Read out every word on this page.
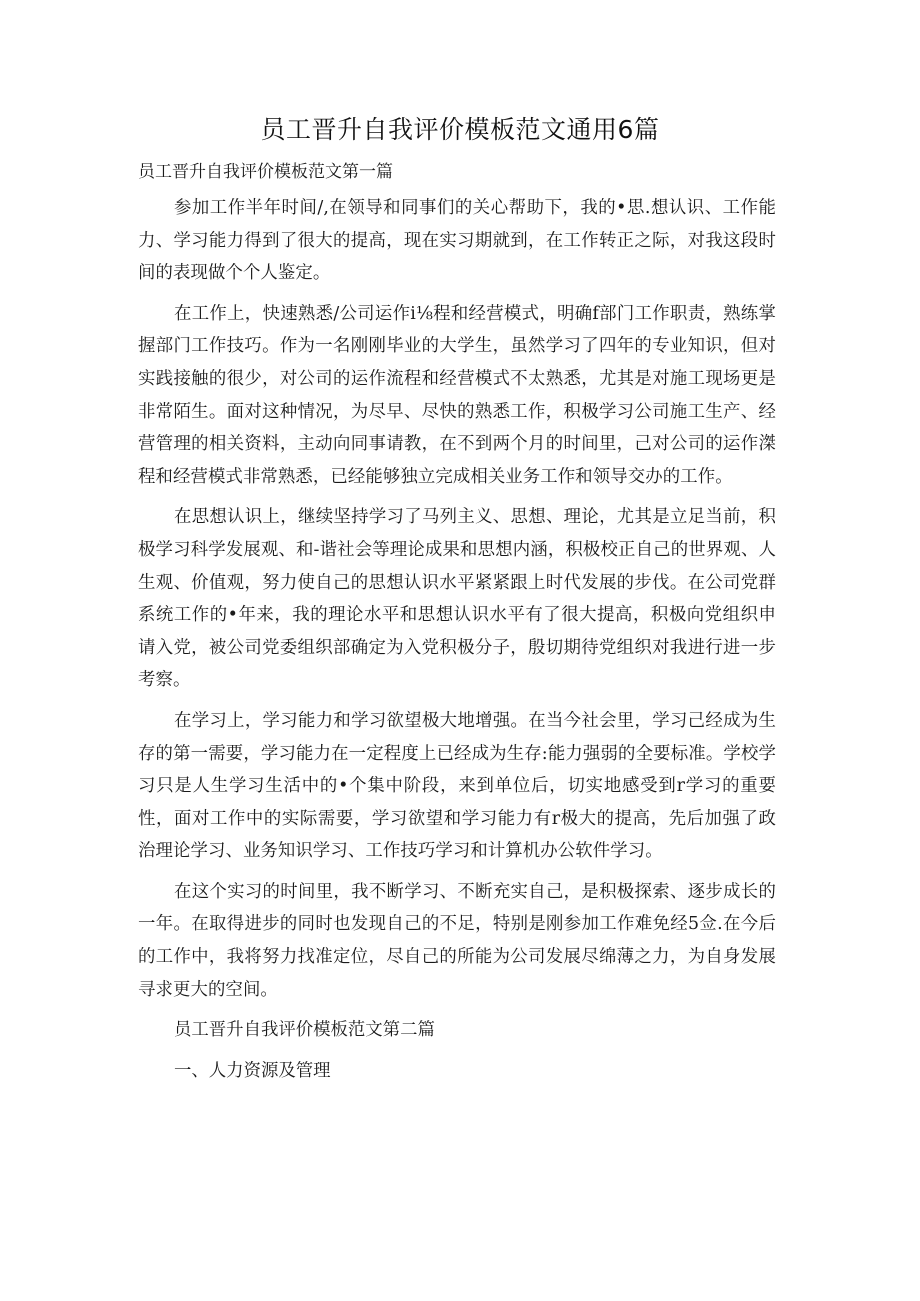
员工晋升自我评价模板范文通用6篇
员工晋升自我评价模板范文第一篇

参加工作半年时间/,在领导和同事们的关心帮助下，我的•思.想认识、工作能力、学习能力得到了很大的提高，现在实习期就到，在工作转正之际，对我这段时间的表现做个个人鉴定。

在工作上，快速熟悉/公司运作i⅛程和经营模式，明确f部门工作职责，熟练掌握部门工作技巧。作为一名刚刚毕业的大学生，虽然学习了四年的专业知识，但对实践接触的很少，对公司的运作流程和经营模式不太熟悉，尤其是对施工现场更是非常陌生。面对这种情况，为尽早、尽快的熟悉工作，积极学习公司施工生产、经营管理的相关资料，主动向同事请教，在不到两个月的时间里，己对公司的运作滐程和经营模式非常熟悉，已经能够独立完成相关业务工作和领导交办的工作。

在思想认识上，继续坚持学习了马列主义、思想、理论，尤其是立足当前，积极学习科学发展观、和-谐社会等理论成果和思想内涵，积极校正自己的世界观、人生观、价值观，努力使自己的思想认识水平紧紧跟上时代发展的步伐。在公司党群系统工作的•年来，我的理论水平和思想认识水平有了很大提高，积极向党组织申请入党，被公司党委组织部确定为入党积极分子，殷切期待党组织对我进行进一步考察。

在学习上，学习能力和学习欲望极大地增强。在当今社会里，学习己经成为生存的第一需要，学习能力在一定程度上已经成为生存:能力强弱的全要标准。学校学习只是人生学习生活中的•个集中阶段，来到单位后，切实地感受到r学习的重要性，面对工作中的实际需要，学习欲望和学习能力有r极大的提高，先后加强了政治理论学习、业务知识学习、工作技巧学习和计算机办公软件学习。

在这个实习的时间里，我不断学习、不断充实自己，是积极探索、逐步成长的一年。在取得进步的同时也发现自己的不足，特别是刚参加工作难免经5佥.在今后的工作中，我将努力找准定位，尽自己的所能为公司发展尽绵薄之力，为自身发展寻求更大的空间。

员工晋升自我评价模板范文第二篇

一、人力资源及管理
